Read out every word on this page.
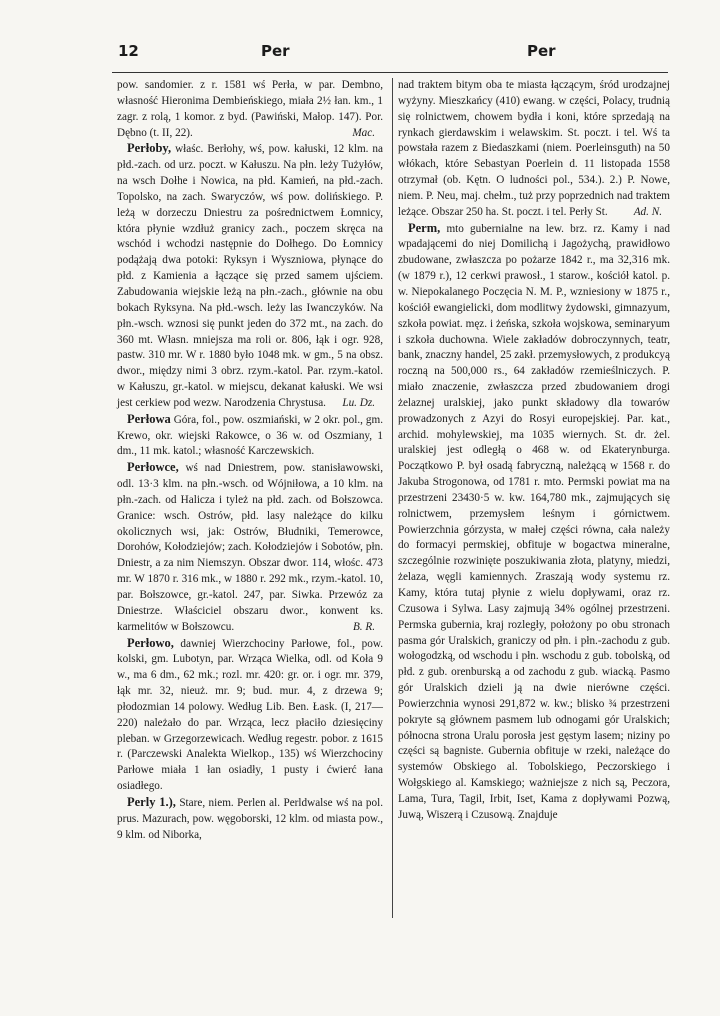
12	Per	Per

pow. sandomier. z r. 1581 wś Perła, w par. Dembno, własność Hieronima Dembieńskiego, miała 2½ łan. km., 1 zagr. z rolą, 1 komor. z byd. (Pawiński, Małop. 147). Por. Dębno (t. II, 22).	Mac.

Perłoby, właśc. Berłohy, wś, pow. kałuski, 12 klm. na płd.-zach. od urz. poczt. w Kałuszu. Na płn. leży Tużyłów, na wsch Dołhe i Nowica, na płd. Kamień, na płd.-zach. Topolsko, na zach. Swaryczów, wś pow. dolińskiego. P. leżą w dorzeczu Dniestru za pośrednictwem Łomnicy, która płynie wzdłuż granicy zach., poczem skręca na wschód i wchodzi następnie do Dołhego. Do Łomnicy podążają dwa potoki: Ryksyn i Wyszniowa, płynące do płd. z Kamienia a łączące się przed samem ujściem. Zabudowania wiejskie leżą na płn.-zach., głównie na obu bokach Ryksyna. Na płd.-wsch. leży las Iwanczyków. Na płn.-wsch. wznosi się punkt jeden do 372 mt., na zach. do 360 mt. Własn. mniejsza ma roli or. 806, łąk i ogr. 928, pastw. 310 mr. W r. 1880 było 1048 mk. w gm., 5 na obsz. dwor., między nimi 3 obrz. rzym.-katol. Par. rzym.-katol. w Kałuszu, gr.-katol. w miejscu, dekanat kałuski. We wsi jest cerkiew pod wezw. Narodzenia Chrystusa.	Lu. Dz.

Perłowa Góra, fol., pow. oszmiański, w 2 okr. pol., gm. Krewo, okr. wiejski Rakowce, o 36 w. od Oszmiany, 1 dm., 11 mk. katol.; własność Karczewskich.

Perłowce, wś nad Dniestrem, pow. stanisławowski, odl. 13·3 klm. na płn.-wsch. od Wójniłowa, a 10 klm. na płn.-zach. od Halicza i tyleż na płd. zach. od Bołszowca. Granice: wsch. Ostrów, płd. lasy należące do kilku okolicznych wsi, jak: Ostrów, Błudniki, Temerowce, Dorohów, Kołodziejów; zach. Kołodziejów i Sobotów, płn. Dniestr, a za nim Niemszyn. Obszar dwor. 114, włośc. 473 mr. W 1870 r. 316 mk., w 1880 r. 292 mk., rzym.-katol. 10, par. Bołszowce, gr.-katol. 247, par. Siwka. Przewóz za Dniestrze. Właściciel obszaru dwor., konwent ks. karmelitów w Bołszowcu.	B. R.

Perłowo, dawniej Wierzchociny Parłowe, fol., pow. kolski, gm. Lubotyn, par. Wrząca Wielka, odl. od Koła 9 w., ma 6 dm., 62 mk.; rozl. mr. 420: gr. or. i ogr. mr. 379, łąk mr. 32, nieuż. mr. 9; bud. mur. 4, z drzewa 9; płodozmian 14 polowy. Według Lib. Ben. Łask. (I, 217—220) należało do par. Wrząca, lecz płaciło dziesięciny pleban. w Grzegorzewicach. Według regestr. pobor. z 1615 r. (Parczewski Analekta Wielkop., 135) wś Wierzchociny Parłowe miała 1 łan osiadły, 1 pusty i ćwierć łana osiadłego.

Perly 1.), Stare, niem. Perlen al. Perldwalse wś na pol. prus. Mazurach, pow. węgoborski, 12 klm. od miasta pow., 9 klm. od Niborka,

nad traktem bitym oba te miasta łączącym, śród urodzajnej wyżyny. Mieszkańcy (410) ewang. w części, Polacy, trudnią się rolnictwem, chowem bydła i koni, które sprzedają na rynkach gierdawskim i welawskim. St. poczt. i tel. Wś ta powstała razem z Biedaszkami (niem. Poerleinsguth) na 50 włókach, które Sebastyan Poerlein d. 11 listopada 1558 otrzymał (ob. Kętn. O ludności pol., 534.). 2.) P. Nowe, niem. P. Neu, maj. chełm., tuż przy poprzednich nad traktem leżące. Obszar 250 ha. St. poczt. i tel. Perły St.	Ad. N.

Perm, mto gubernialne na lew. brz. rz. Kamy i nad wpadającemi do niej Domilichą i Jagożychą, prawidłowo zbudowane, zwłaszcza po pożarze 1842 r., ma 32,316 mk. (w 1879 r.), 12 cerkwi prawosł., 1 starow., kościół katol. p. w. Niepokalanego Poczęcia N. M. P., wzniesiony w 1875 r., kościół ewangielicki, dom modlitwy żydowski, gimnazyum, szkoła powiat. męz. i żeńska, szkoła wojskowa, seminaryum i szkoła duchowna. Wiele zakładów dobroczynnych, teatr, bank, znaczny handel, 25 zakł. przemysłowych, z produkcyą roczną na 500,000 rs., 64 zakładów rzemieślniczych. P. miało znaczenie, zwłaszcza przed zbudowaniem drogi żelaznej uralskiej, jako punkt składowy dla towarów prowadzonych z Azyi do Rosyi europejskiej. Par. kat., archid. mohylewskiej, ma 1035 wiernych. St. dr. żel. uralskiej jest odległą o 468 w. od Ekaterynburga. Początkowo P. był osadą fabryczną, należącą w 1568 r. do Jakuba Strogonowa, od 1781 r. mto. Permski powiat ma na przestrzeni 23430·5 w. kw. 164,780 mk., zajmujących się rolnictwem, przemysłem leśnym i górnictwem. Powierzchnia górzysta, w małej części równa, cała należy do formacyi permskiej, obfituje w bogactwa mineralne, szczególnie rozwinięte poszukiwania złota, platyny, miedzi, żelaza, węgli kamiennych. Zraszają wody systemu rz. Kamy, która tutaj płynie z wielu dopływami, oraz rz. Czusowa i Sylwa. Lasy zajmują 34% ogólnej przestrzeni. Permska gubernia, kraj rozległy, położony po obu stronach pasma gór Uralskich, graniczy od płn. i płn.-zachodu z gub. wołogodzką, od wschodu i płn. wschodu z gub. tobolską, od płd. z gub. orenburską a od zachodu z gub. wiacką. Pasmo gór Uralskich dzieli ją na dwie nierówne części. Powierzchnia wynosi 291,872 w. kw.; blisko ¾ przestrzeni pokryte są głównem pasmem lub odnogami gór Uralskich; północna strona Uralu porosła jest gęstym lasem; niziny po części są bagniste. Gubernia obfituje w rzeki, należące do systemów Obskiego al. Tobolskiego, Peczorskiego i Wołgskiego al. Kamskiego; ważniejsze z nich są, Peczora, Lama, Tura, Tagil, Irbit, Iset, Kama z dopływami Pozwą, Juwą, Wiszerą i Czusową. Znajduje
